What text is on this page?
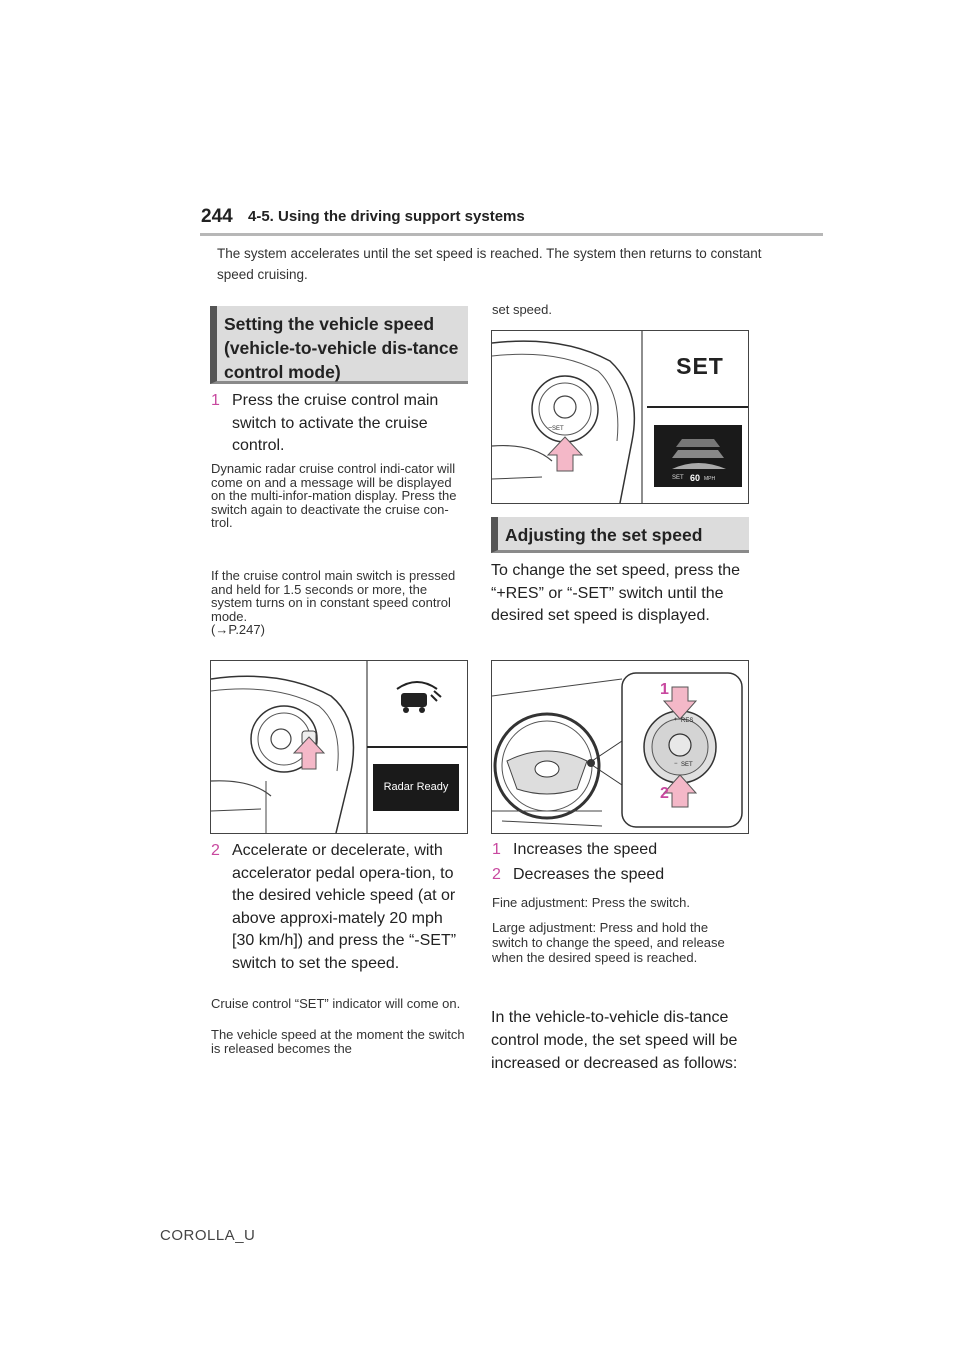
244 4-5. Using the driving support systems
The system accelerates until the set speed is reached. The system then returns to constant speed cruising.
Setting the vehicle speed (vehicle-to-vehicle dis-tance control mode)
1 Press the cruise control main switch to activate the cruise control.
Dynamic radar cruise control indi-cator will come on and a message will be displayed on the multi-infor-mation display. Press the switch again to deactivate the cruise con-trol.
If the cruise control main switch is pressed and held for 1.5 seconds or more, the system turns on in constant speed control mode.
(→P.247)
Radar Ready
2 Accelerate or decelerate, with accelerator pedal opera-tion, to the desired vehicle speed (at or above approxi-mately 20 mph [30 km/h]) and press the “-SET” switch to set the speed.
Cruise control “SET” indicator will come on.
The vehicle speed at the moment the switch is released becomes the
set speed.
SET
SET
−
SET 60 MPH
Adjusting the set speed
To change the set speed, press the “+RES” or “-SET” switch until the desired set speed is displayed.
1
2
+ RES
− SET
1 Increases the speed
2 Decreases the speed
Fine adjustment: Press the switch.
Large adjustment: Press and hold the switch to change the speed, and release when the desired speed is reached.
In the vehicle-to-vehicle dis-tance control mode, the set speed will be increased or decreased as follows:
COROLLA_U
